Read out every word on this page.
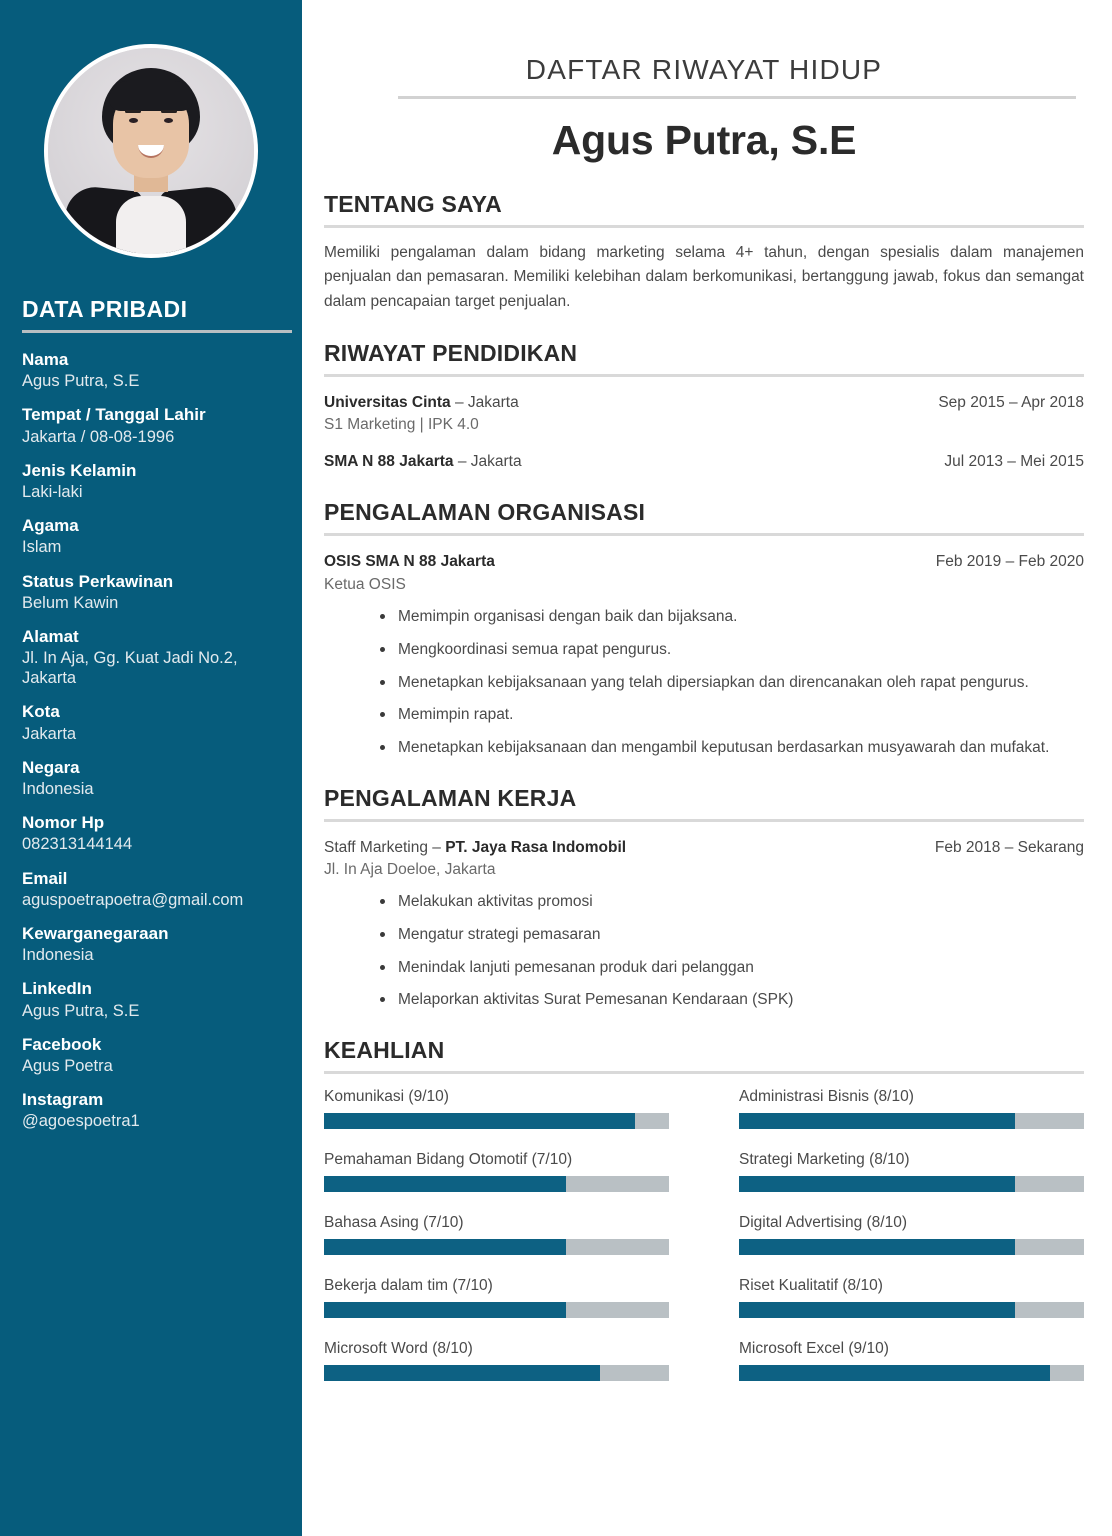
DATA PRIBADI
Nama
Agus Putra, S.E
Tempat / Tanggal Lahir
Jakarta / 08-08-1996
Jenis Kelamin
Laki-laki
Agama
Islam
Status Perkawinan
Belum Kawin
Alamat
Jl. In Aja, Gg. Kuat Jadi No.2, Jakarta
Kota
Jakarta
Negara
Indonesia
Nomor Hp
082313144144
Email
aguspoetrapoetra@gmail.com
Kewarganegaraan
Indonesia
LinkedIn
Agus Putra, S.E
Facebook
Agus Poetra
Instagram
@agoespoetra1
DAFTAR RIWAYAT HIDUP
Agus Putra, S.E
TENTANG SAYA

Memiliki pengalaman dalam bidang marketing selama 4+ tahun, dengan spesialis dalam manajemen penjualan dan pemasaran. Memiliki kelebihan dalam berkomunikasi, bertanggung jawab, fokus dan semangat dalam pencapaian target penjualan.

RIWAYAT PENDIDIKAN
Universitas Cinta – Jakarta
S1 Marketing | IPK 4.0
Sep 2015 – Apr 2018
SMA N 88 Jakarta – Jakarta	Jul 2013 – Mei 2015
PENGALAMAN ORGANISASI
OSIS SMA N 88 Jakarta
Ketua OSIS
Feb 2019 – Feb 2020
Memimpin organisasi dengan baik dan bijaksana.
Mengkoordinasi semua rapat pengurus.
Menetapkan kebijaksanaan yang telah dipersiapkan dan direncanakan oleh rapat pengurus.
Memimpin rapat.
Menetapkan kebijaksanaan dan mengambil keputusan berdasarkan musyawarah dan mufakat.
PENGALAMAN KERJA
Staff Marketing – PT. Jaya Rasa Indomobil
Jl. In Aja Doeloe, Jakarta
Feb 2018 – Sekarang
Melakukan aktivitas promosi
Mengatur strategi pemasaran
Menindak lanjuti pemesanan produk dari pelanggan
Melaporkan aktivitas Surat Pemesanan Kendaraan (SPK)
KEAHLIAN
Komunikasi (9/10)	Administrasi Bisnis (8/10)
Pemahaman Bidang Otomotif (7/10)	Strategi Marketing (8/10)
Bahasa Asing (7/10)	Digital Advertising (8/10)
Bekerja dalam tim (7/10)	Riset Kualitatif (8/10)
Microsoft Word (8/10)	Microsoft Excel (9/10)
